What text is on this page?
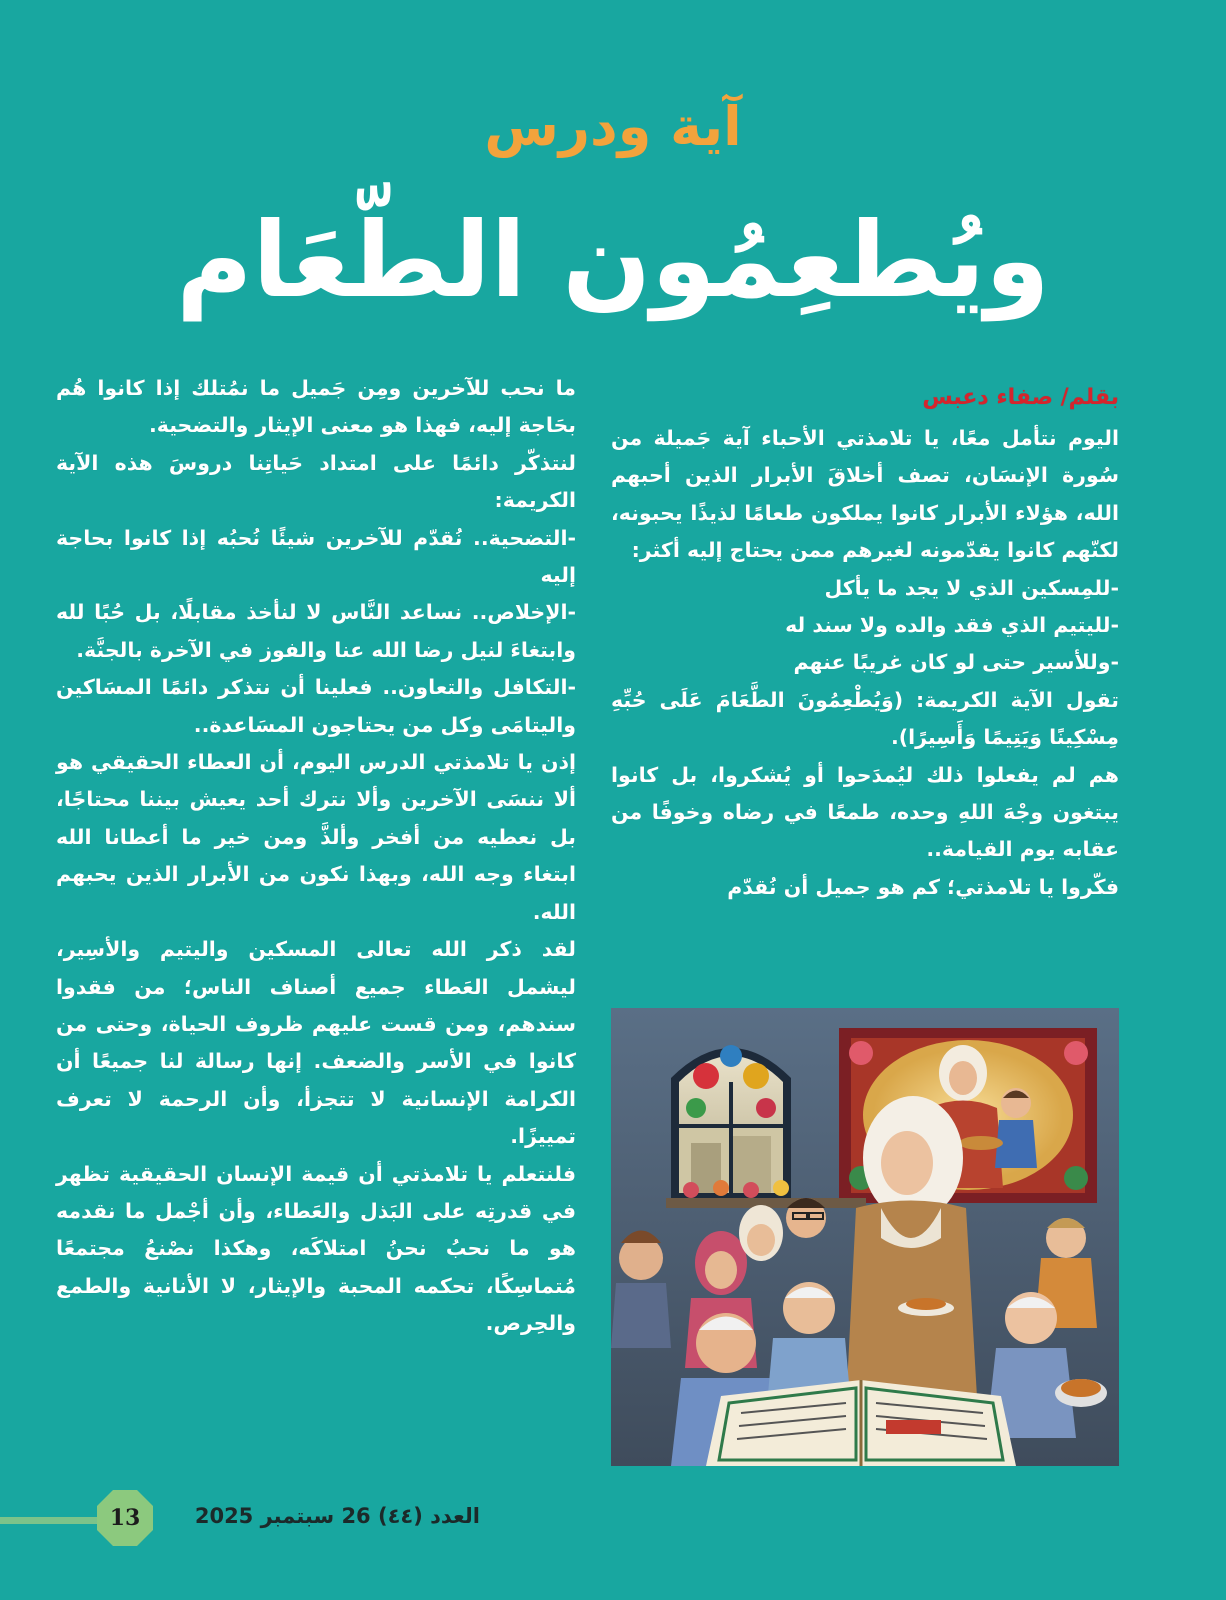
آية ودرس
ويُطعِمُون الطّعَام
بقلم/ صفاء دعبس

اليوم نتأمل معًا، يا تلامذتي الأحباء آية جَميلة من سُورة الإنسَان، تصف أخلاقَ الأبرار الذين أحبهم الله، هؤلاء الأبرار كانوا يملكون طعامًا لذيذًا يحبونه، لكنّهم كانوا يقدّمونه لغيرهم ممن يحتاج إليه أكثر:

-للمِسكين الذي لا يجد ما يأكل

-لليتيم الذي فقد والده ولا سند له

-وللأسير حتى لو كان غريبًا عنهم

تقول الآية الكريمة: (وَيُطْعِمُونَ الطَّعَامَ عَلَى حُبِّهِ مِسْكِينًا وَيَتِيمًا وَأَسِيرًا).

هم لم يفعلوا ذلك ليُمدَحوا أو يُشكروا، بل كانوا يبتغون وجْهَ اللهِ وحده، طمعًا في رضاه وخوفًا من عقابه يوم القيامة..

فكّروا يا تلامذتي؛ كم هو جميل أن نُقدّم

ما نحب للآخرين ومِن جَميل ما نمُتلك إذا كانوا هُم بحَاجة إليه، فهذا هو معنى الإيثار والتضحية.

لنتذكّر دائمًا على امتداد حَياتِنا دروسَ هذه الآية الكريمة:

-التضحية.. نُقدّم للآخرين شيئًا نُحبُه إذا كانوا بحاجة إليه

-الإخلاص.. نساعد النَّاس لا لنأخذ مقابلًا، بل حُبًا لله وابتغاءَ لنيل رضا الله عنا والفوز في الآخرة بالجنَّة.

-التكافل والتعاون.. فعلينا أن نتذكر دائمًا المسَاكين واليتامَى وكل من يحتاجون المسَاعدة..

إذن يا تلامذتي الدرس اليوم، أن العطاء الحقيقي هو ألا ننسَى الآخرين وألا نترك أحد يعيش بيننا محتاجًا، بل نعطيه من أفخر وألذَّ ومن خير ما أعطانا الله ابتغاء وجه الله، وبهذا نكون من الأبرار الذين يحبهم الله.

لقد ذكر الله تعالى المسكين واليتيم والأسِير، ليشمل العَطاء جميع أصناف الناس؛ من فقدوا سندهم، ومن قست عليهم ظروف الحياة، وحتى من كانوا في الأسر والضعف. إنها رسالة لنا جميعًا أن الكرامة الإنسانية لا تتجزأ، وأن الرحمة لا تعرف تمييزًا.

فلنتعلم يا تلامذتي أن قيمة الإنسان الحقيقية تظهر في قدرتِه على البَذل والعَطاء، وأن أجْمل ما نقدمه هو ما نحبُ نحنُ امتلاكَه، وهكذا نصْنعُ مجتمعًا مُتماسِكًا، تحكمه المحبة والإيثار، لا الأنانية والطمع والحِرص.

13	العدد (٤٤) 26 سبتمبر 2025
